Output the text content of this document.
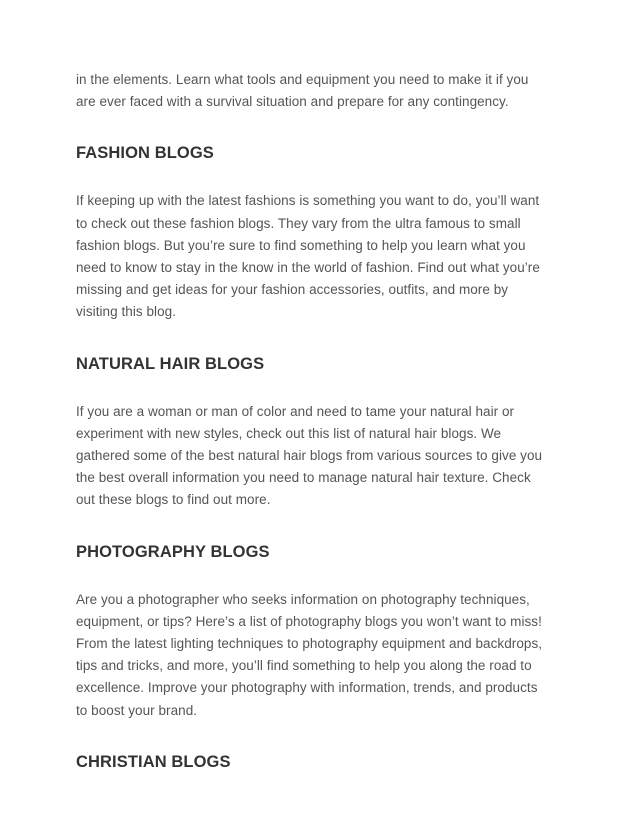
in the elements. Learn what tools and equipment you need to make it if you
are ever faced with a survival situation and prepare for any contingency.

FASHION BLOGS

If keeping up with the latest fashions is something you want to do, you’ll want
to check out these fashion blogs. They vary from the ultra famous to small
fashion blogs. But you’re sure to find something to help you learn what you
need to know to stay in the know in the world of fashion. Find out what you’re
missing and get ideas for your fashion accessories, outfits, and more by
visiting this blog.

NATURAL HAIR BLOGS

If you are a woman or man of color and need to tame your natural hair or
experiment with new styles, check out this list of natural hair blogs. We
gathered some of the best natural hair blogs from various sources to give you
the best overall information you need to manage natural hair texture. Check
out these blogs to find out more.

PHOTOGRAPHY BLOGS

Are you a photographer who seeks information on photography techniques,
equipment, or tips? Here’s a list of photography blogs you won’t want to miss!
From the latest lighting techniques to photography equipment and backdrops,
tips and tricks, and more, you’ll find something to help you along the road to
excellence. Improve your photography with information, trends, and products
to boost your brand.

CHRISTIAN BLOGS
